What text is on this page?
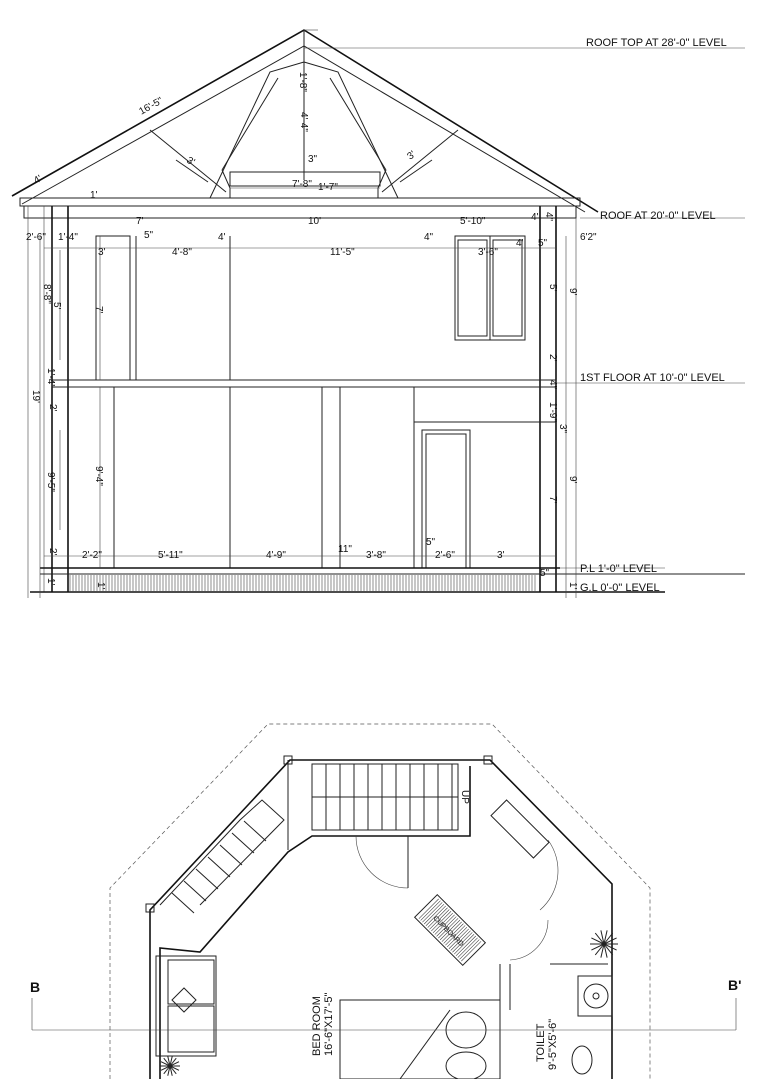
ROOF TOP AT 28'-0" LEVEL
ROOF AT 20'-0" LEVEL
1ST FLOOR AT 10'-0" LEVEL
P.L 1'-0" LEVEL
G.L 0'-0" LEVEL
16'-5"
1'-8"
4'-4"
3"
7'-8" 1'-7"
3'	3'
4'
1'
7'	10'	5'-10"	4'
5"	4'	4"
2'-6" 1'-4"
3'	4'-8"	11'-5"	3'-6"
4' 5"
6'2"
4"
8'-8"
5'
7'
1'-4"
19'
2'
9'-5"	9'-4"
2'
1'
1'
5'
9'
2'
4"
1'-9"
3"
9'
7'
5"
1'
2'-2"	5'-11"	4'-9"
11"
3'-8"
5"
2'-6"	3'
UP
CUPBOARD
B	B'
BED ROOM 16'-6"X17'-5"	TOILET 9'-5"X5'-6"
